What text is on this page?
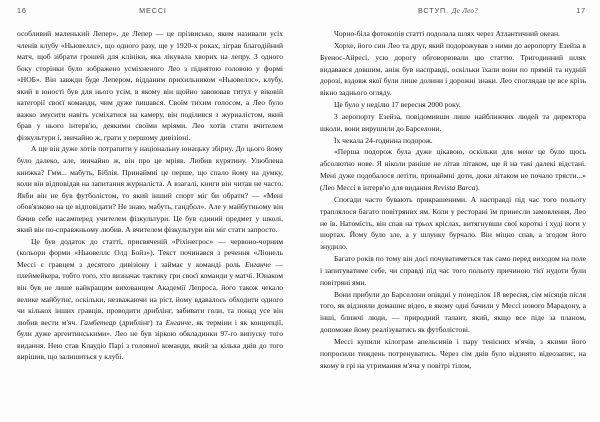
16	МЕССІ

особливий маленький Лепер», де Лепер — це прізвисько, яким називали усіх членів клубу «Ньювеллс», що одного разу, ще у 1920-х роках, зіграв благодійний матч, щоб зібрати грошей для клініки, яка лікувала хворих на лепру. З одного боку сторінки було зображено усміхненого Лео з піднятою головою у формі «НОБ». Він завжди буде Лепером, відданим прихильником «Ньювеллс», клубу, який в юності був для нього усім, в якому він щойно завоював титул у віковій категорії своєї команди, чим дуже пишався. Своїм тихим голосом, а Лео було важко змусити навіть усміхатися на камеру, він поділився з журналістом, який брав у нього інтерв'ю, деякими своїми мріями. Лео хотів стати вчителем фізкультури і, звичайно ж, грати у першому дивізіоні.

А ще він дуже хотів потрапити у національну юнацьку збірну. До цього йому було далеко, але, звичайно ж, він про це мріяв. Любив курятину. Улюблена книжка? Гмм... мабуть, Біблія. Принаймні це перше, що спало йому на думку, коли він відповідав на запитання журналіста. А взагалі, книги він читав не часто. Якби він не був футболістом, то який інший спорт міг би обрати? — «Мені обов'язково на це відповідати? Не знаю, мабуть, гандбол». Але у майбутньому він бачив себе насамперед учителем фізкультури. Це був єдиний предмет у школі, який він по-справжньому любив. А вчителем фізкультури він міг стати запросто.

Це був додаток до статті, присвяченій «Ріхінегрос» — червоно-чорним (кольори форми «Ньювеллс Олд Бойз»). Текст починався з речення «Ліонель Мессі є гравцем з десятого дивізіону і займає у команді роль Енганче — плеймейкера, тобто того, хто визначає тактику гри своєї команди у матчі. Юнаком він був не лише найкращим вихованцем Академії Лепроса, його також чекало велике майбутнє, оскільки, незважаючи на ріст, йому вдавалось обходити одного чи кількох інших гравців, проводити дриблінг, забивати голи, та понад усе він любив вести м'яч. Гамбетеар (дриблінг) та Енганче, як терміни і як концепції, були дуже аргентинськими». Лео не був зіркою обкладинки 97-го випуску того видання. Нею став Клаудіо Парі з головної команди, який за кілька днів до того вирішив, що залишиться у клубі.

ВСТУП. Де Лео?	17

Чорно-біла фотокопія статті подолала шлях через Атлантичний океан.

Хорхе, його син Лео та друг, який подорожував з ними до аеропорту Езейза в Буенос-Айресі, усю дорогу обговорювали цю статтю. Тригодинний шлях видавався довшим, аніж був насправді, оскільки їхали вони по прямій та нудній дорозі, вздовж якої були лише долини і дорожні знаки. Лео споглядав це все крізь вікно заднього огляду.

Це було у неділю 17 вересня 2000 року.

З аеропорту Езейза, повідомивши лише найближчих людей та директора школи, вони вирушили до Барселони.

Їх чекала 24-годинна подорож.

«Перша подорож була дуже цікавою, оскільки для мене це було щось абсолютно нове. Я ніколи раніше не літав літаком, ще й на такі далекі відстані. Мені дуже подобалося летіти, принаймні доти, доки літаком не почало трясти...» (Лео Мессі в інтерв'ю для видання Revista Barca).

Спогади часто бувають прикрашеними. А насправді під час того польоту траплялося багато повітряних ям. Коли у ресторані їм принесли замовлення, Лео не їв. Натомість, він спав на трьох кріслах, витягнувши свої короткі і худі ноги у шортах. Йому було зле, а у шлунку бурчало. Він міцно спав, а згодом його знудило.

Багато років по тому він досі почуватиметься так само перед виходом на поле і запитуватиме себе, чи справді під час того польоту причиною тієї нудоти були повітряні ями.

Вони прибули до Барселони опівдні у понеділок 18 вересня, сім місяців після того, як відзняли домашнє відео, в якому одні бачили у Мессі нового Марадону, а інші, ближчі люди, — природний талант, який, якщо все піде за планом, допоможе йому реалізуватись як футболістові.

Мессі купили кілограм апельсинів і пару тенісних м'ячів, з якими його попросили тиждень потренуватись. Через сім днів було відзнято відеозапис, на якому в грі на утримання м'яча у повітрі тілом,
